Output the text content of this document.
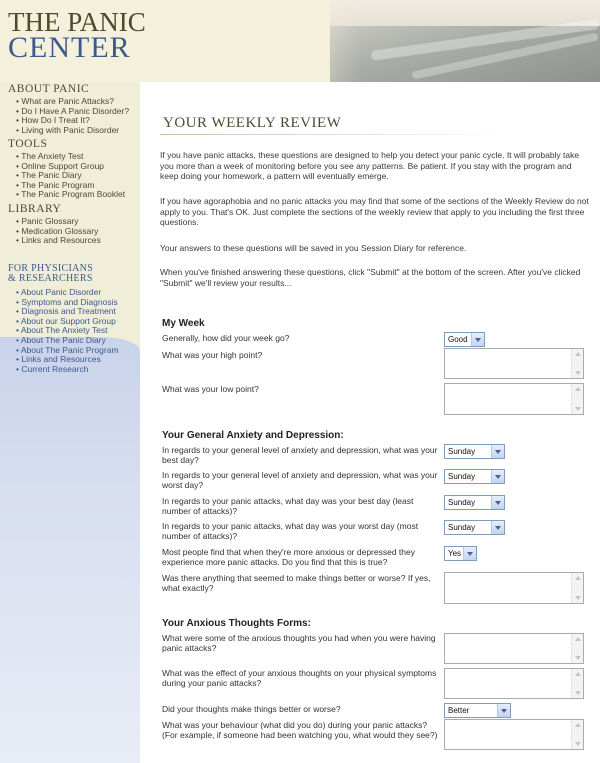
THE PANIC
CENTER
ABOUT PANIC
• What are Panic Attacks?
• Do I Have A Panic Disorder?
• How Do I Treat It?
• Living with Panic Disorder
TOOLS
• The Anxiety Test
• Online Support Group
• The Panic Diary
• The Panic Program
• The Panic Program Booklet
LIBRARY
• Panic Glossary
• Medication Glossary
• Links and Resources
FOR PHYSICIANS
& RESEARCHERS
• About Panic Disorder
• Symptoms and Diagnosis
• Diagnosis and Treatment
• About our Support Group
• About The Anxiety Test
• About The Panic Diary
• About The Panic Program
• Links and Resources
• Current Research
YOUR WEEKLY REVIEW

If you have panic attacks, these questions are designed to help you detect your panic cycle. It will probably take you more than a week of monitoring before you see any patterns. Be patient. If you stay with the program and keep doing your homework, a pattern will eventually emerge.

If you have agoraphobia and no panic attacks you may find that some of the sections of the Weekly Review do not apply to you. That's OK. Just complete the sections of the weekly review that apply to you including the first three questions.

Your answers to these questions will be saved in you Session Diary for reference.

When you've finished answering these questions, click "Submit" at the bottom of the screen. After you've clicked "Submit" we'll review your results...

My Week
Generally, how did your week go?	Good
What was your high point?
What was your low point?
Your General Anxiety and Depression:
In regards to your general level of anxiety and depression, what was your best day?
Sunday
In regards to your general level of anxiety and depression, what was your worst day?
Sunday
In regards to your panic attacks, what day was your best day (least number of attacks)?
Sunday
In regards to your panic attacks, what day was your worst day (most number of attacks)?
Sunday
Most people find that when they're more anxious or depressed they experience more panic attacks. Do you find that this is true?
Yes
Was there anything that seemed to make things better or worse? If yes, what exactly?
Your Anxious Thoughts Forms:
What were some of the anxious thoughts you had when you were having panic attacks?
What was the effect of your anxious thoughts on your physical symptoms during your panic attacks?
Did your thoughts make things better or worse?	Better
What was your behaviour (what did you do) during your panic attacks? (For example, if someone had been watching you, what would they see?)
